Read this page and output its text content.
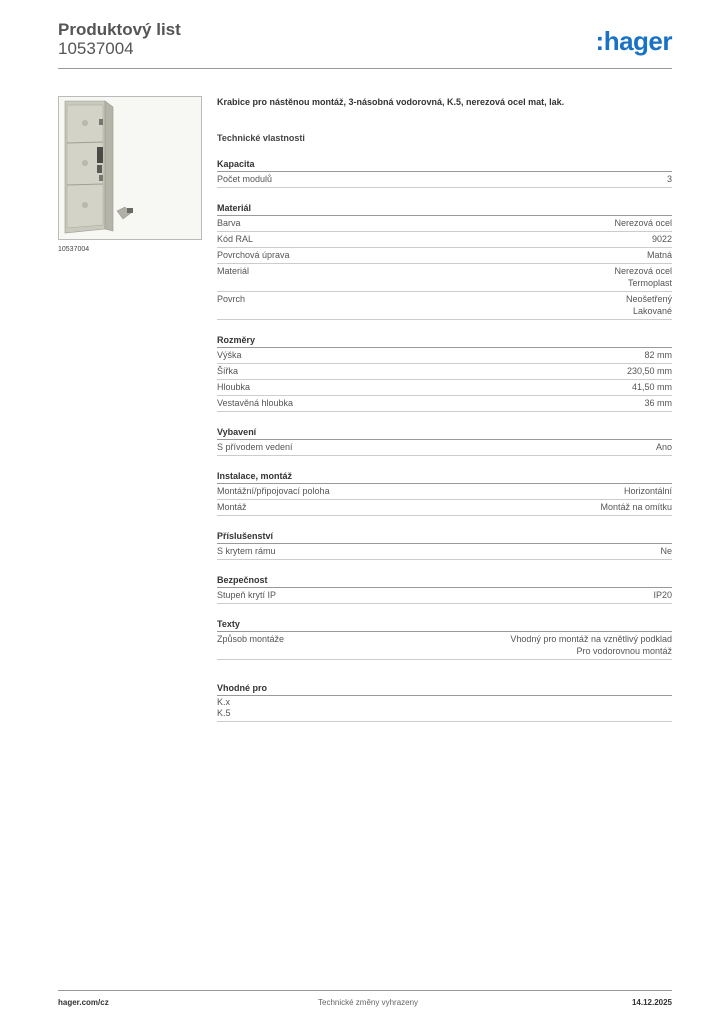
Produktový list
10537004	:hager
10537004
Krabice pro nástěnou montáž, 3-násobná vodorovná, K.5, nerezová ocel mat, lak.
Technické vlastnosti
Kapacita
Počet modulů	3
Materiál
Barva	Nerezová ocel
Kód RAL	9022
Povrchová úprava	Matná
Materiál	Nerezová ocel
Termoplast
Povrch	Neošetřený
Lakované
Rozměry
Výška	82 mm
Šířka	230,50 mm
Hloubka	41,50 mm
Vestavěná hloubka	36 mm
Vybavení
S přívodem vedení	Ano
Instalace, montáž
Montážní/připojovací poloha	Horizontální
Montáž	Montáž na omítku
Příslušenství
S krytem rámu	Ne
Bezpečnost
Stupeň krytí IP	IP20
Texty
Způsob montáže	Vhodný pro montáž na vznětlivý podklad
Pro vodorovnou montáž
Vhodné pro
K.x
K.5
hager.com/cz	Technické změny vyhrazeny	14.12.2025
